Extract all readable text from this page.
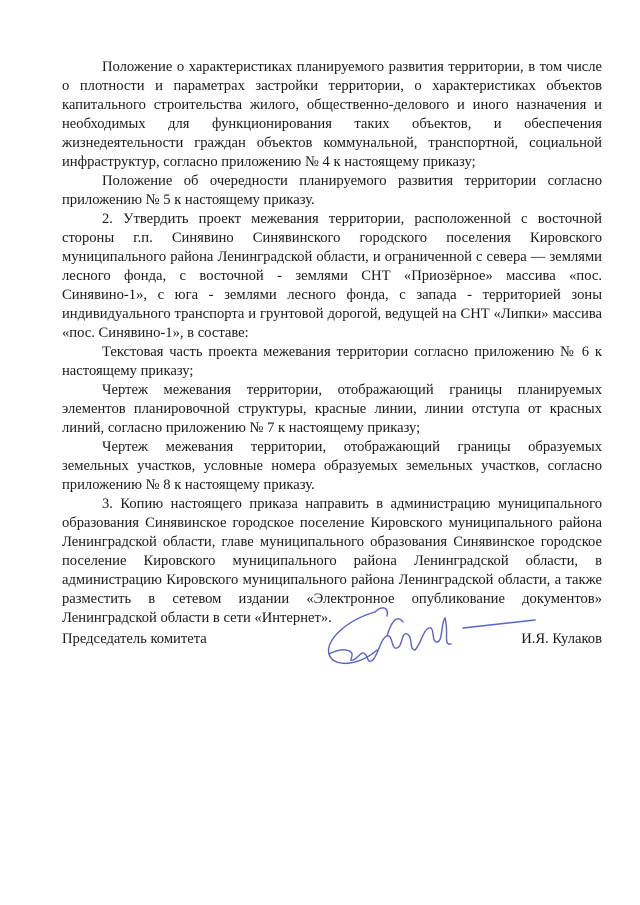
Положение о характеристиках планируемого развития территории, в том числе о плотности и параметрах застройки территории, о характеристиках объектов капитального строительства жилого, общественно-делового и иного назначения и необходимых для функционирования таких объектов, и обеспечения жизнедеятельности граждан объектов коммунальной, транспортной, социальной инфраструктур, согласно приложению № 4 к настоящему приказу;

Положение об очередности планируемого развития территории согласно приложению № 5 к настоящему приказу.

2. Утвердить проект межевания территории, расположенной с восточной стороны г.п. Синявино Синявинского городского поселения Кировского муниципального района Ленинградской области, и ограниченной с севера — землями лесного фонда, с восточной - землями СНТ «Приозёрное» массива «пос. Синявино-1», с юга - землями лесного фонда, с запада - территорией зоны индивидуального транспорта и грунтовой дорогой, ведущей на СНТ «Липки» массива «пос. Синявино-1», в составе:

Текстовая часть проекта межевания территории согласно приложению № 6 к настоящему приказу;

Чертеж межевания территории, отображающий границы планируемых элементов планировочной структуры, красные линии, линии отступа от красных линий, согласно приложению № 7 к настоящему приказу;

Чертеж межевания территории, отображающий границы образуемых земельных участков, условные номера образуемых земельных участков, согласно приложению № 8 к настоящему приказу.

3. Копию настоящего приказа направить в администрацию муниципального образования Синявинское городское поселение Кировского муниципального района Ленинградской области, главе муниципального образования Синявинское городское поселение Кировского муниципального района Ленинградской области, в администрацию Кировского муниципального района Ленинградской области, а также разместить в сетевом издании «Электронное опубликование документов» Ленинградской области в сети «Интернет».

Председатель комитета	И.Я. Кулаков
